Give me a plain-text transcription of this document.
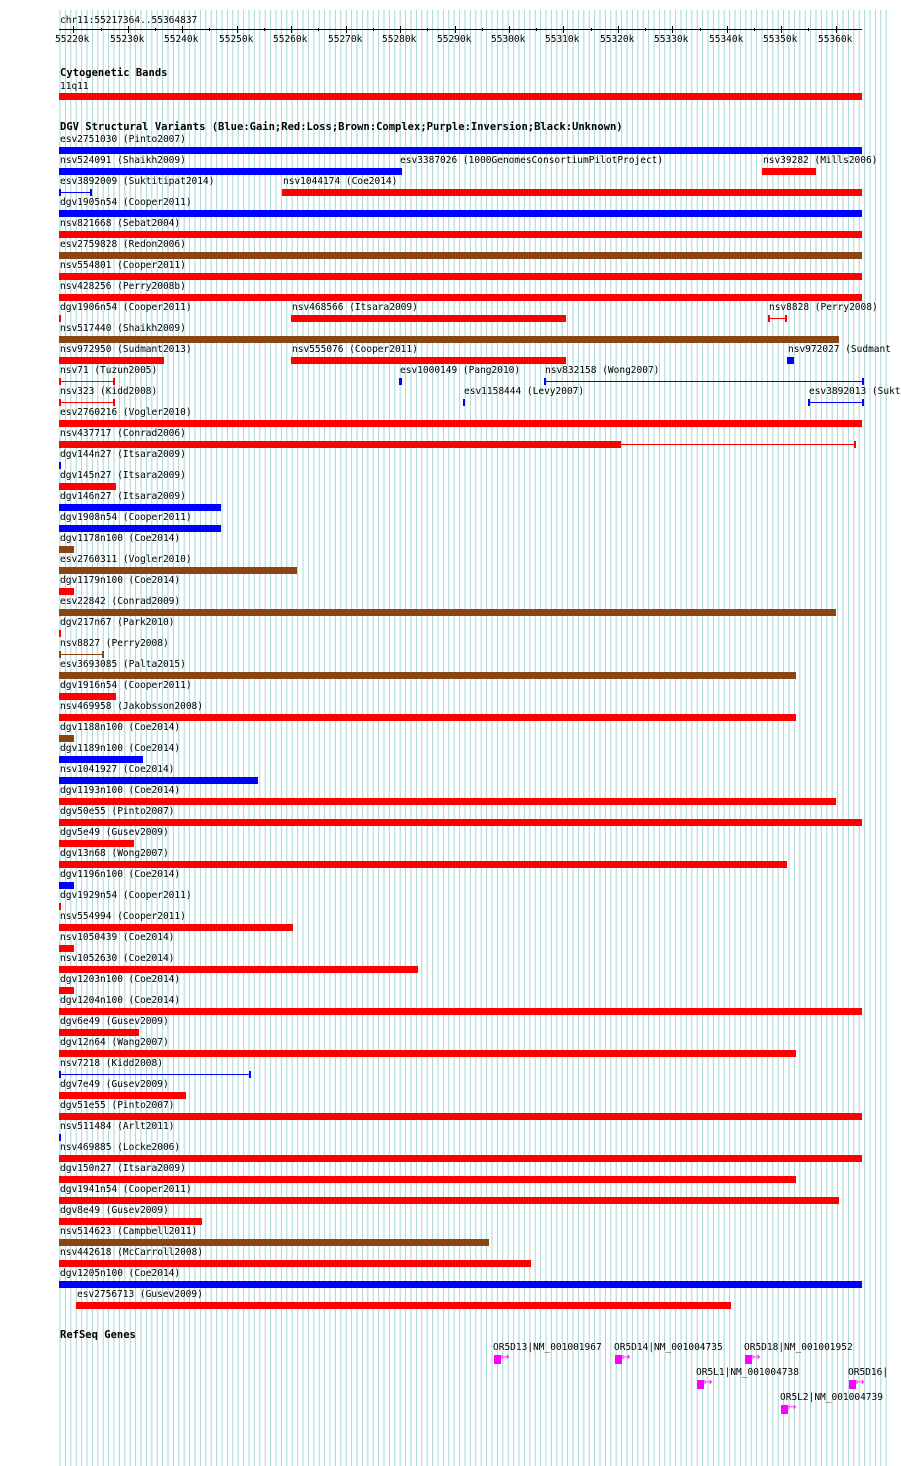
chr11:55217364..55364837
55220k 55230k 55240k 55250k 55260k 55270k 55280k 55290k 55300k 55310k 55320k 55330k 55340k 55350k 55360k
Cytogenetic Bands
11q11
DGV Structural Variants (Blue:Gain;Red:Loss;Brown:Complex;Purple:Inversion;Black:Unknown)
esv2751030 (Pinto2007)
nsv524091 (Shaikh2009)	esv3387026 (1000GenomesConsortiumPilotProject)	nsv39282 (Mills2006)
esv3892009 (Suktitipat2014)	nsv1044174 (Coe2014)
dgv1905n54 (Cooper2011)
nsv821668 (Sebat2004)
esv2759828 (Redon2006)
nsv554801 (Cooper2011)
nsv428256 (Perry2008b)
dgv1906n54 (Cooper2011)	nsv468566 (Itsara2009)	nsv8828 (Perry2008)
nsv517440 (Shaikh2009)
nsv972950 (Sudmant2013)	nsv555076 (Cooper2011)	nsv972027 (Sudmant
nsv71 (Tuzun2005)	esv1000149 (Pang2010)	nsv832158 (Wong2007)
nsv323 (Kidd2008)	esv1158444 (Levy2007)	esv3892013 (Sukt
esv2760216 (Vogler2010)
nsv437717 (Conrad2006)
dgv144n27 (Itsara2009)
dgv145n27 (Itsara2009)
dgv146n27 (Itsara2009)
dgv1908n54 (Cooper2011)
dgv1178n100 (Coe2014)
esv2760311 (Vogler2010)
dgv1179n100 (Coe2014)
esv22842 (Conrad2009)
dgv217n67 (Park2010)
nsv8827 (Perry2008)
esv3693085 (Palta2015)
dgv1916n54 (Cooper2011)
nsv469958 (Jakobsson2008)
dgv1188n100 (Coe2014)
dgv1189n100 (Coe2014)
nsv1041927 (Coe2014)
dgv1193n100 (Coe2014)
dgv50e55 (Pinto2007)
dgv5e49 (Gusev2009)
dgv13n68 (Wong2007)
dgv1196n100 (Coe2014)
dgv1929n54 (Cooper2011)
nsv554994 (Cooper2011)
nsv1050439 (Coe2014)
nsv1052630 (Coe2014)
dgv1203n100 (Coe2014)
dgv1204n100 (Coe2014)
dgv6e49 (Gusev2009)
dgv12n64 (Wang2007)
nsv7218 (Kidd2008)
dgv7e49 (Gusev2009)
dgv51e55 (Pinto2007)
nsv511484 (Arlt2011)
nsv469885 (Locke2006)
dgv150n27 (Itsara2009)
dgv1941n54 (Cooper2011)
dgv8e49 (Gusev2009)
nsv514623 (Campbell2011)
nsv442618 (McCarroll2008)
dgv1205n100 (Coe2014)
esv2756713 (Gusev2009)
RefSeq Genes
OR5D13|NM_001001967
↦
OR5D14|NM_001004735
↦
OR5D18|NM_001001952
↦
OR5L1|NM_001004738
↦
OR5D16|
↦
OR5L2|NM_001004739
↦
